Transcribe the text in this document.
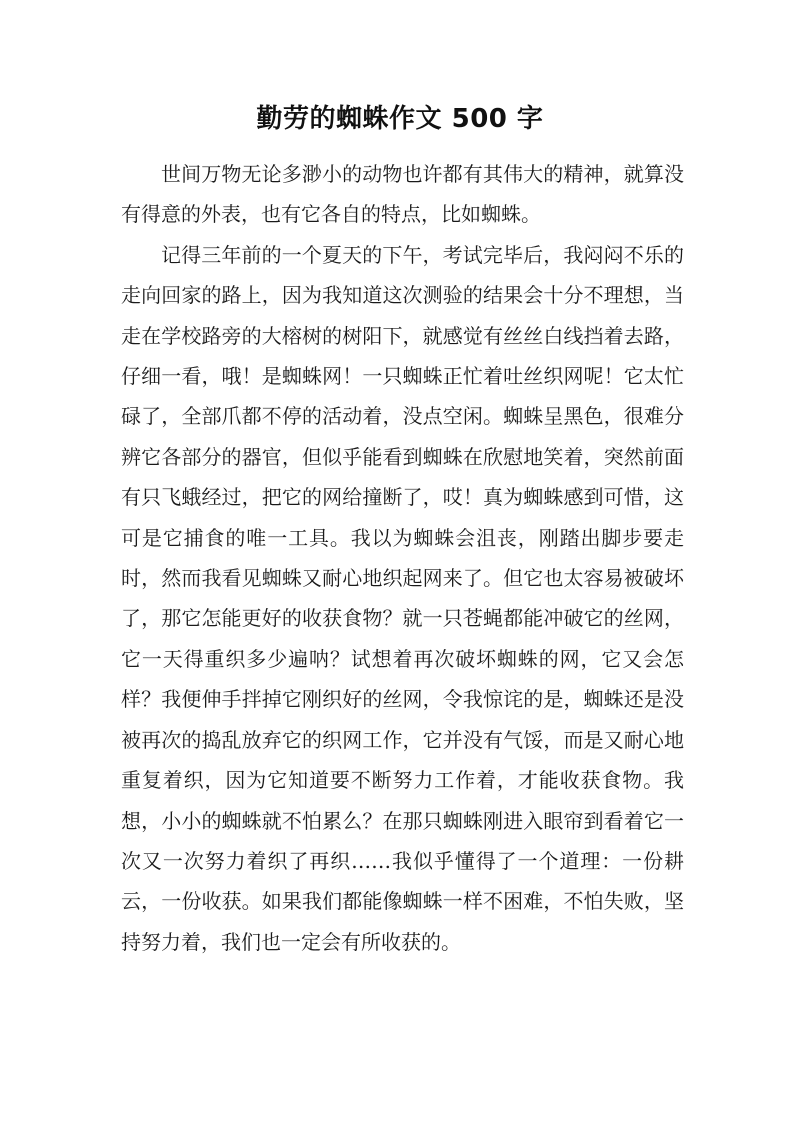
勤劳的蜘蛛作文 500 字

世间万物无论多渺小的动物也许都有其伟大的精神，就算没有得意的外表，也有它各自的特点，比如蜘蛛。

记得三年前的一个夏天的下午，考试完毕后，我闷闷不乐的走向回家的路上，因为我知道这次测验的结果会十分不理想，当走在学校路旁的大榕树的树阳下，就感觉有丝丝白线挡着去路，仔细一看，哦！是蜘蛛网！一只蜘蛛正忙着吐丝织网呢！它太忙碌了，全部爪都不停的活动着，没点空闲。蜘蛛呈黑色，很难分辨它各部分的器官，但似乎能看到蜘蛛在欣慰地笑着，突然前面有只飞蛾经过，把它的网给撞断了，哎！真为蜘蛛感到可惜，这可是它捕食的唯一工具。我以为蜘蛛会沮丧，刚踏出脚步要走时，然而我看见蜘蛛又耐心地织起网来了。但它也太容易被破坏了，那它怎能更好的收获食物？就一只苍蝇都能冲破它的丝网，它一天得重织多少遍呐？试想着再次破坏蜘蛛的网，它又会怎样？我便伸手拌掉它刚织好的丝网，令我惊诧的是，蜘蛛还是没被再次的捣乱放弃它的织网工作，它并没有气馁，而是又耐心地重复着织，因为它知道要不断努力工作着，才能收获食物。我想，小小的蜘蛛就不怕累么？在那只蜘蛛刚进入眼帘到看着它一次又一次努力着织了再织……我似乎懂得了一个道理：一份耕云，一份收获。如果我们都能像蜘蛛一样不困难，不怕失败，坚持努力着，我们也一定会有所收获的。
